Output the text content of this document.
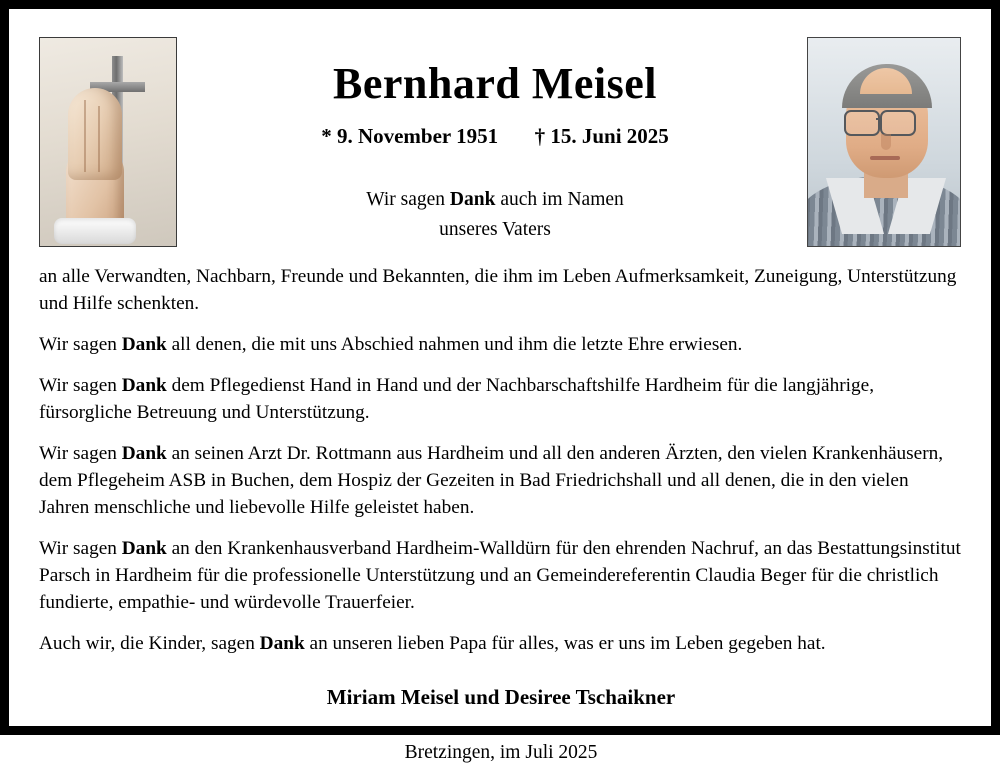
Bernhard Meisel
* 9. November 1951 † 15. Juni 2025
Wir sagen Dank auch im Namen
unseres Vaters
an alle Verwandten, Nachbarn, Freunde und Bekannten, die ihm im Leben Aufmerksamkeit, Zuneigung, Unterstützung und Hilfe schenkten.
Wir sagen Dank all denen, die mit uns Abschied nahmen und ihm die letzte Ehre erwiesen.
Wir sagen Dank dem Pflegedienst Hand in Hand und der Nachbarschaftshilfe Hardheim für die langjährige, fürsorgliche Betreuung und Unterstützung.
Wir sagen Dank an seinen Arzt Dr. Rottmann aus Hardheim und all den anderen Ärzten, den vielen Krankenhäusern, dem Pflegeheim ASB in Buchen, dem Hospiz der Gezeiten in Bad Friedrichshall und all denen, die in den vielen Jahren menschliche und liebevolle Hilfe geleistet haben.
Wir sagen Dank an den Krankenhausverband Hardheim-Walldürn für den ehrenden Nachruf, an das Bestattungsinstitut Parsch in Hardheim für die professionelle Unterstützung und an Gemeindereferentin Claudia Beger für die christlich fundierte, empathie- und würdevolle Trauerfeier.
Auch wir, die Kinder, sagen Dank an unseren lieben Papa für alles, was er uns im Leben gegeben hat.
Miriam Meisel und Desiree Tschaikner
Bretzingen, im Juli 2025
